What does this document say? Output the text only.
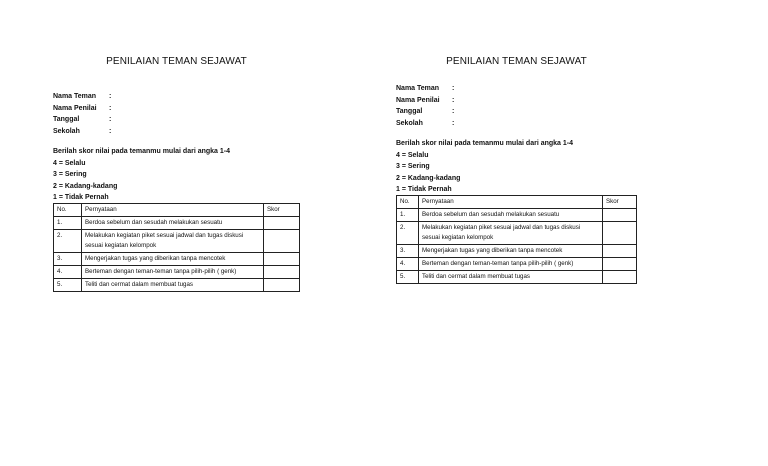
PENILAIAN TEMAN SEJAWAT
Nama Teman	:
Nama Penilai	:
Tanggal	:
Sekolah	:
Berilah skor nilai pada temanmu mulai dari angka 1-4
4 = Selalu
3 = Sering
2 = Kadang-kadang
1 = Tidak Pernah
No.	Pernyataan	Skor
1.	Berdoa sebelum dan sesudah melakukan sesuatu	
2.	Melakukan kegiatan piket sesuai jadwal dan tugas diskusi sesuai kegiatan kelompok	
3.	Mengerjakan tugas yang diberikan tanpa mencotek	
4.	Berteman dengan teman-teman tanpa pilih-pilih ( genk)	
5.	Teliti dan cermat dalam membuat tugas	
PENILAIAN TEMAN SEJAWAT
Nama Teman	:
Nama Penilai	:
Tanggal	:
Sekolah	:
Berilah skor nilai pada temanmu mulai dari angka 1-4
4 = Selalu
3 = Sering
2 = Kadang-kadang
1 = Tidak Pernah
No.	Pernyataan	Skor
1.	Berdoa sebelum dan sesudah melakukan sesuatu	
2.	Melakukan kegiatan piket sesuai jadwal dan tugas diskusi sesuai kegiatan kelompok	
3.	Mengerjakan tugas yang diberikan tanpa mencotek	
4.	Berteman dengan teman-teman tanpa pilih-pilih ( genk)	
5.	Teliti dan cermat dalam membuat tugas	
